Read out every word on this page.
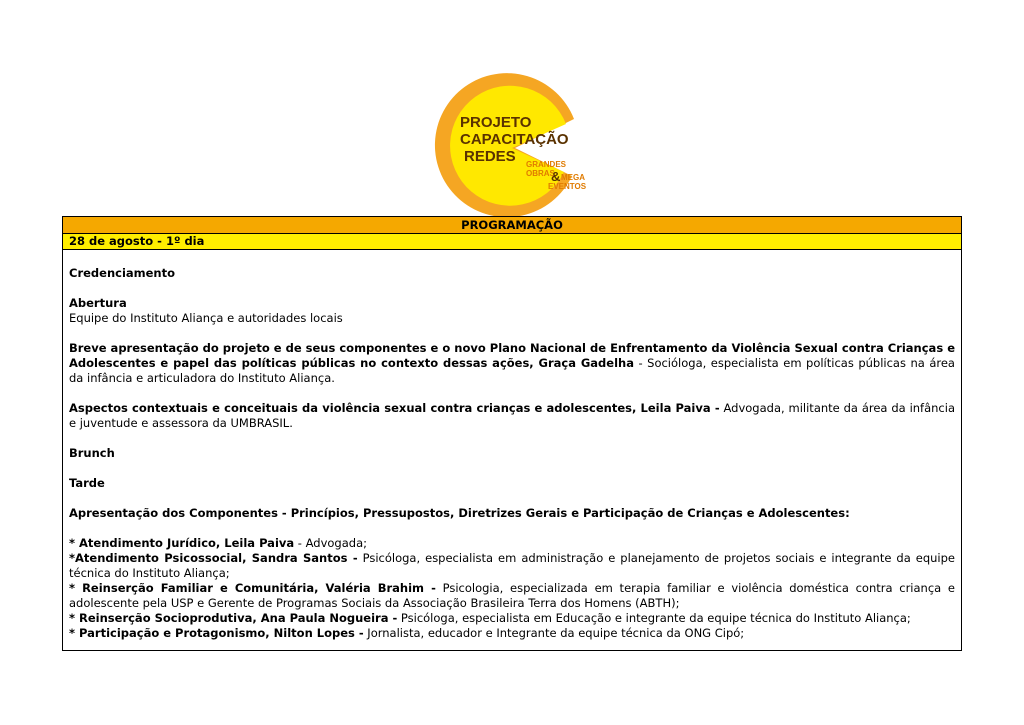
PROJETO
CAPACITAÇÃO
REDES GRANDES
OBRAS
& MEGA
EVENTOS
PROGRAMAÇÃO
28 de agosto - 1º dia

Credenciamento

Abertura

Equipe do Instituto Aliança e autoridades locais

Breve apresentação do projeto e de seus componentes e o novo Plano Nacional de Enfrentamento da Violência Sexual contra Crianças e Adolescentes e papel das políticas públicas no contexto dessas ações, Graça Gadelha - Socióloga, especialista em políticas públicas na área da infância e articuladora do Instituto Aliança.

Aspectos contextuais e conceituais da violência sexual contra crianças e adolescentes, Leila Paiva - Advogada, militante da área da infância e juventude e assessora da UMBRASIL.

Brunch

Tarde

Apresentação dos Componentes - Princípios, Pressupostos, Diretrizes Gerais e Participação de Crianças e Adolescentes:

* Atendimento Jurídico, Leila Paiva - Advogada;

*Atendimento Psicossocial, Sandra Santos - Psicóloga, especialista em administração e planejamento de projetos sociais e integrante da equipe técnica do Instituto Aliança;

* Reinserção Familiar e Comunitária, Valéria Brahim - Psicologia, especializada em terapia familiar e violência doméstica contra criança e adolescente pela USP e Gerente de Programas Sociais da Associação Brasileira Terra dos Homens (ABTH);

* Reinserção Socioprodutiva, Ana Paula Nogueira - Psicóloga, especialista em Educação e integrante da equipe técnica do Instituto Aliança;

* Participação e Protagonismo, Nilton Lopes - Jornalista, educador e Integrante da equipe técnica da ONG Cipó;
